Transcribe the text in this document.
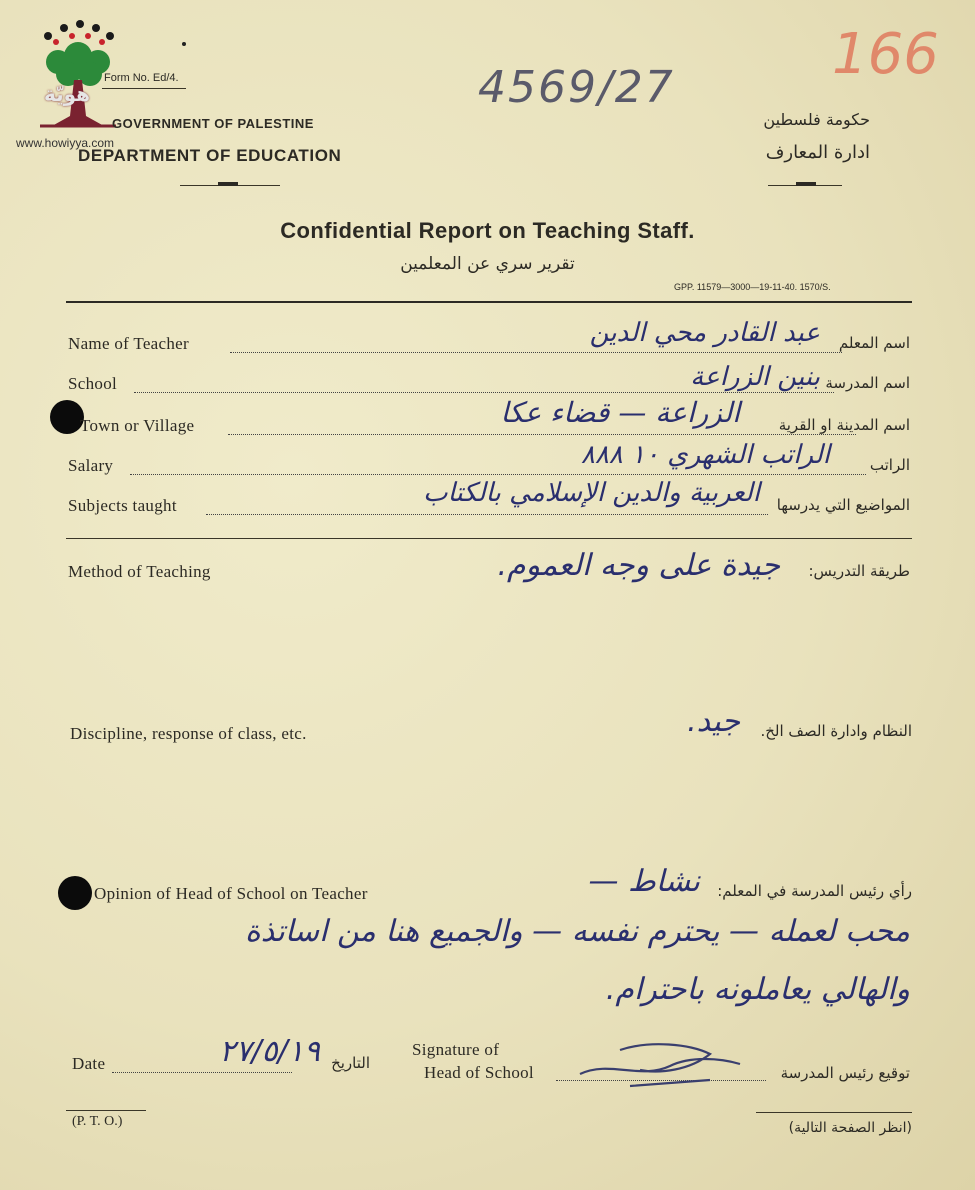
هويّة
www.howiyya.com
Form No. Ed/4.
GOVERNMENT OF PALESTINE
DEPARTMENT OF EDUCATION
حكومة فلسطين
ادارة المعارف
4569/27
166
Confidential Report on Teaching Staff.
تقرير سري عن المعلمين
GPP. 11579—3000—19-11-40. 1570/S.
Name of Teacher	اسم المعلم
عبد القادر محي الدين
School	اسم المدرسة
بنين الزراعة
Town or Village	اسم المدينة او القرية
الزراعة — قضاء عكا
Salary	الراتب
الراتب الشهري ١٠ ٨٨٨
Subjects taught	المواضيع التي يدرسها
العربية والدين الإسلامي بالكتاب
Method of Teaching	طريقة التدريس:
جيدة على وجه العموم.
Discipline, response of class, etc.	النظام وادارة الصف الخ.
جيد.
Opinion of Head of School on Teacher	رأي رئيس المدرسة في المعلم:
نشاط —
محب لعمله — يحترم نفسه — والجميع هنا من اساتذة
والهالي يعاملونه باحترام.
Date	٢٧/٥/١٩ التاريخ
Signature of
Head of School	توقيع رئيس المدرسة
(P. T. O.)	(انظر الصفحة التالية)
